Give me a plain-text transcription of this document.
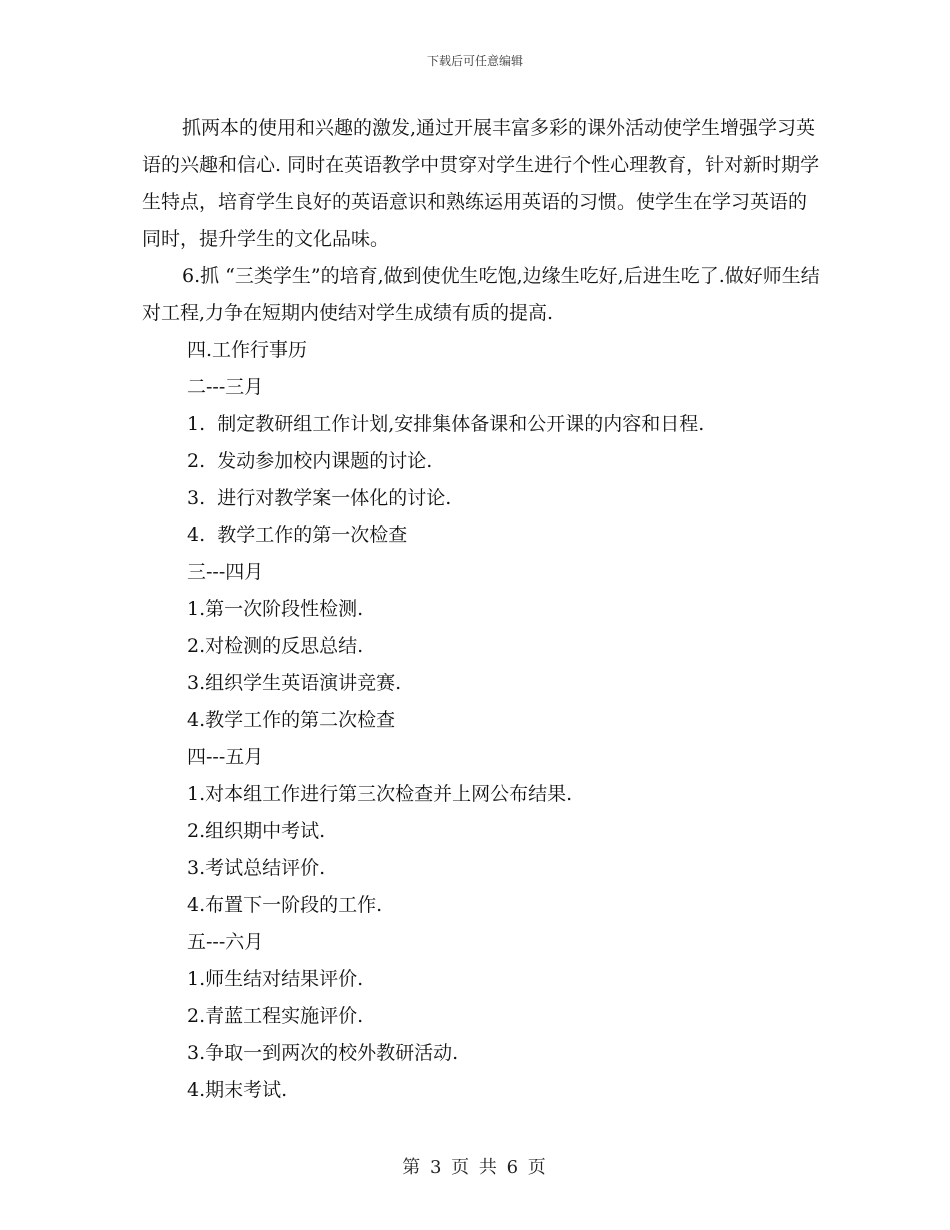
下载后可任意编辑

抓两本的使用和兴趣的激发,通过开展丰富多彩的课外活动使学生增强学习英语的兴趣和信心. 同时在英语教学中贯穿对学生进行个性心理教育，针对新时期学生特点，培育学生良好的英语意识和熟练运用英语的习惯。使学生在学习英语的同时，提升学生的文化品味。

6.抓 “三类学生”的培育,做到使优生吃饱,边缘生吃好,后进生吃了.做好师生结对工程,力争在短期内使结对学生成绩有质的提高.

四.工作行事历

二---三月

1.  制定教研组工作计划,安排集体备课和公开课的内容和日程.

2.  发动参加校内课题的讨论.

3.  进行对教学案一体化的讨论.

4.  教学工作的第一次检查

三---四月

1.第一次阶段性检测.

2.对检测的反思总结.

3.组织学生英语演讲竞赛.

4.教学工作的第二次检查

四---五月

1.对本组工作进行第三次检查并上网公布结果.

2.组织期中考试.

3.考试总结评价.

4.布置下一阶段的工作.

五---六月

1.师生结对结果评价.

2.青蓝工程实施评价.

3.争取一到两次的校外教研活动.

4.期末考试.

第 3 页 共 6 页
